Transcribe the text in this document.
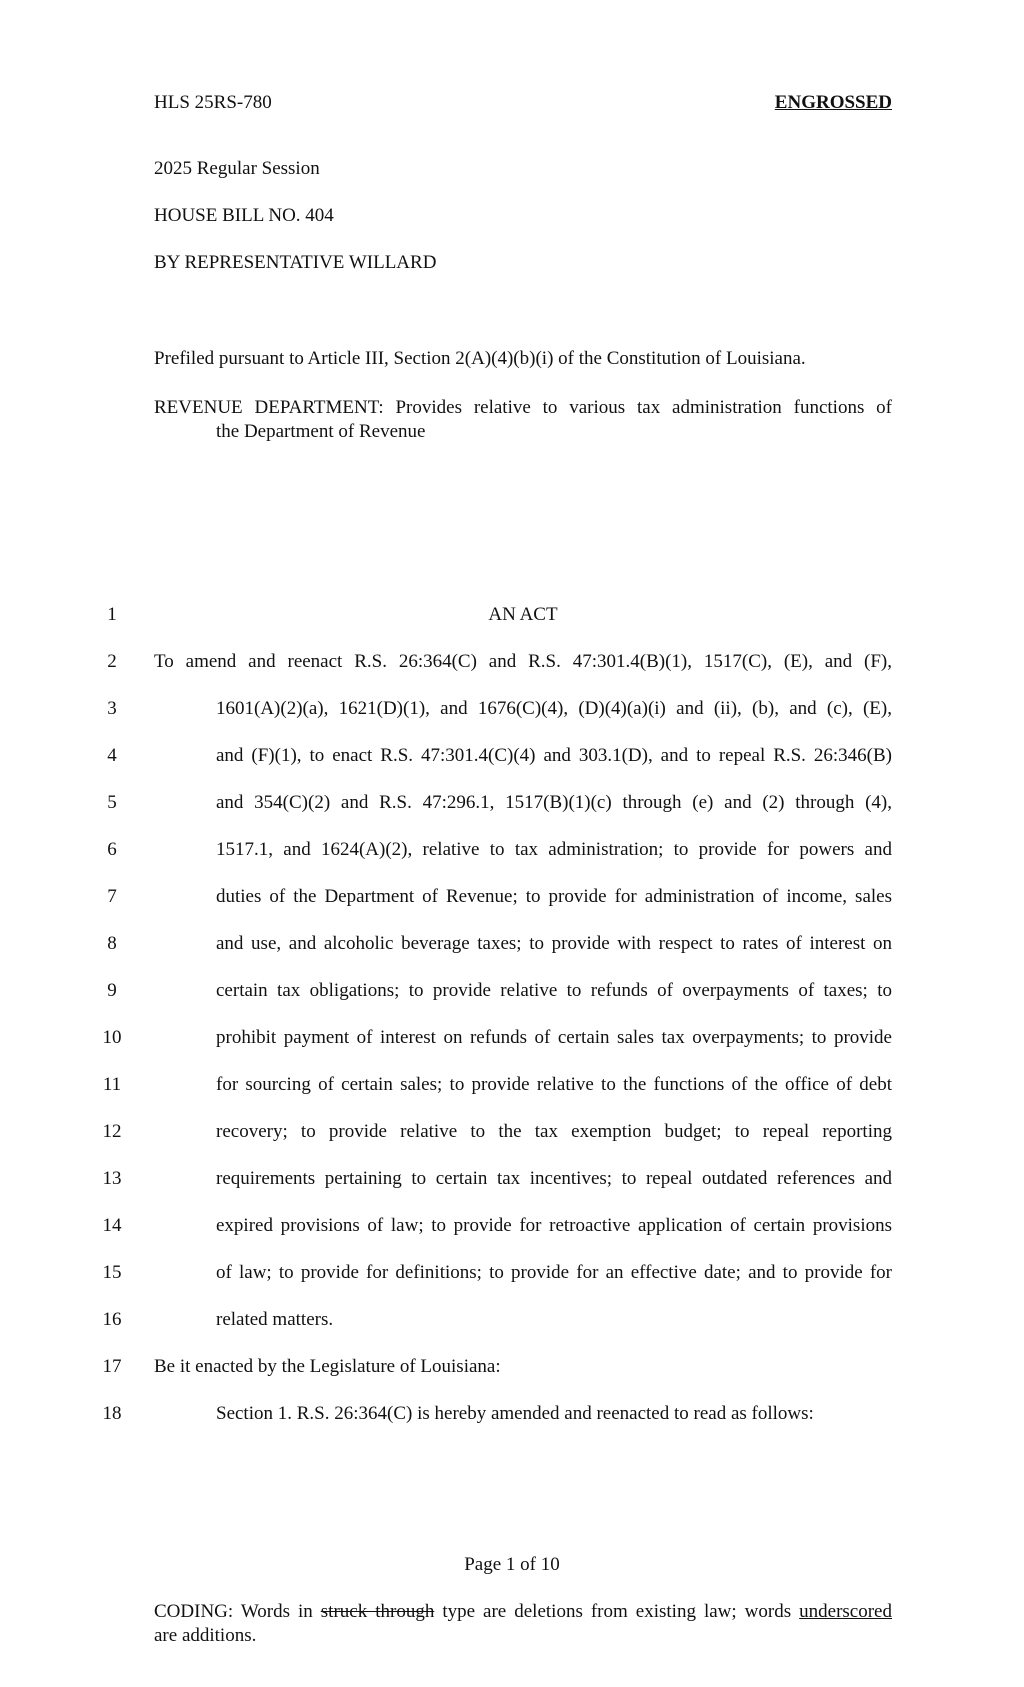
HLS 25RS-780	ENGROSSED
2025 Regular Session
HOUSE BILL NO. 404
BY REPRESENTATIVE WILLARD
Prefiled pursuant to Article III, Section 2(A)(4)(b)(i) of the Constitution of Louisiana.
REVENUE DEPARTMENT: Provides relative to various tax administration functions of
the Department of Revenue
1	AN ACT
2	To amend and reenact R.S. 26:364(C) and R.S. 47:301.4(B)(1), 1517(C), (E), and (F),
3	1601(A)(2)(a), 1621(D)(1), and 1676(C)(4), (D)(4)(a)(i) and (ii), (b), and (c), (E),
4	and (F)(1), to enact R.S. 47:301.4(C)(4) and 303.1(D), and to repeal R.S. 26:346(B)
5	and 354(C)(2) and R.S. 47:296.1, 1517(B)(1)(c) through (e) and (2) through (4),
6	1517.1, and 1624(A)(2), relative to tax administration; to provide for powers and
7	duties of the Department of Revenue; to provide for administration of income, sales
8	and use, and alcoholic beverage taxes; to provide with respect to rates of interest on
9	certain tax obligations; to provide relative to refunds of overpayments of taxes; to
10	prohibit payment of interest on refunds of certain sales tax overpayments; to provide
11	for sourcing of certain sales; to provide relative to the functions of the office of debt
12	recovery; to provide relative to the tax exemption budget; to repeal reporting
13	requirements pertaining to certain tax incentives; to repeal outdated references and
14	expired provisions of law; to provide for retroactive application of certain provisions
15	of law; to provide for definitions; to provide for an effective date; and to provide for
16	related matters.
17	Be it enacted by the Legislature of Louisiana:
18	Section 1. R.S. 26:364(C) is hereby amended and reenacted to read as follows:
Page 1 of 10
CODING: Words in struck through type are deletions from existing law; words underscored
are additions.
